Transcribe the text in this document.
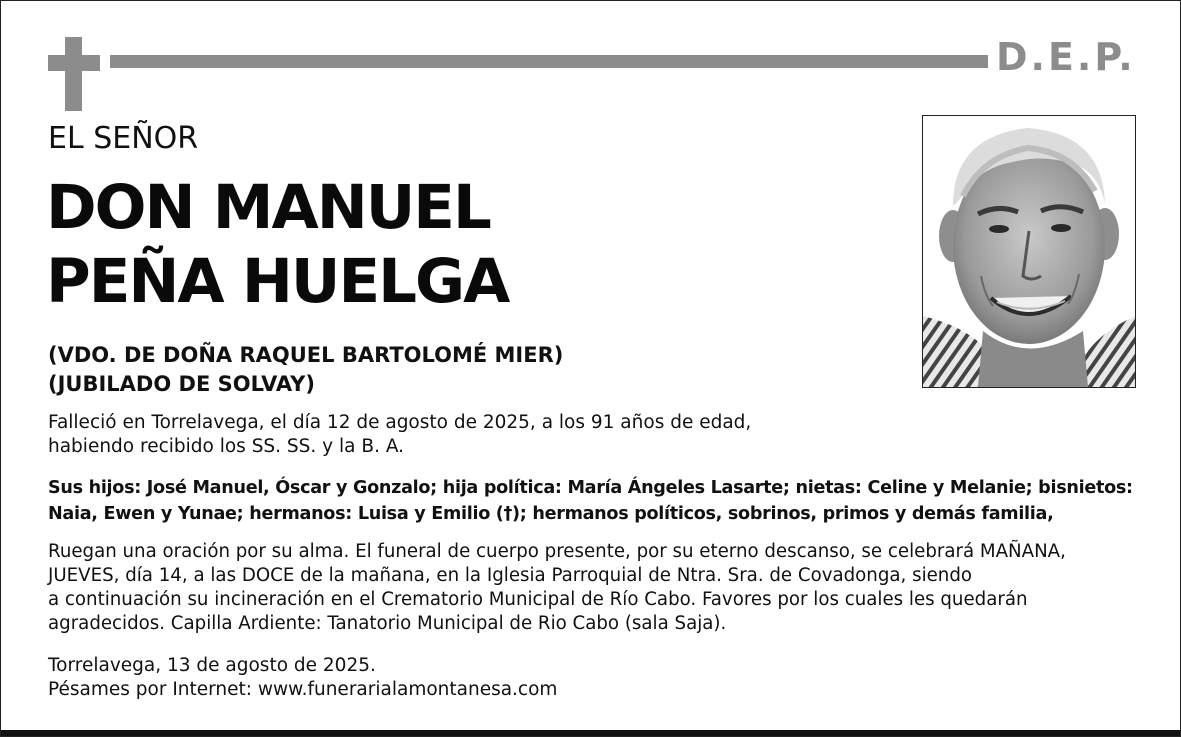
D.E.P.
EL SEÑOR
DON MANUEL
PEÑA HUELGA
(VDO. DE DOÑA RAQUEL BARTOLOMÉ MIER)
(JUBILADO DE SOLVAY)
Falleció en Torrelavega, el día 12 de agosto de 2025, a los 91 años de edad,
habiendo recibido los SS. SS. y la B. A.
Sus hijos: José Manuel, Óscar y Gonzalo; hija política: María Ángeles Lasarte; nietas: Celine y Melanie; bisnietos:
Naia, Ewen y Yunae; hermanos: Luisa y Emilio (†); hermanos políticos, sobrinos, primos y demás familia,
Ruegan una oración por su alma. El funeral de cuerpo presente, por su eterno descanso, se celebrará MAÑANA,
JUEVES, día 14, a las DOCE de la mañana, en la Iglesia Parroquial de Ntra. Sra. de Covadonga, siendo
a continuación su incineración en el Crematorio Municipal de Río Cabo. Favores por los cuales les quedarán
agradecidos. Capilla Ardiente: Tanatorio Municipal de Rio Cabo (sala Saja).
Torrelavega, 13 de agosto de 2025.
Pésames por Internet: www.funerarialamontanesa.com
